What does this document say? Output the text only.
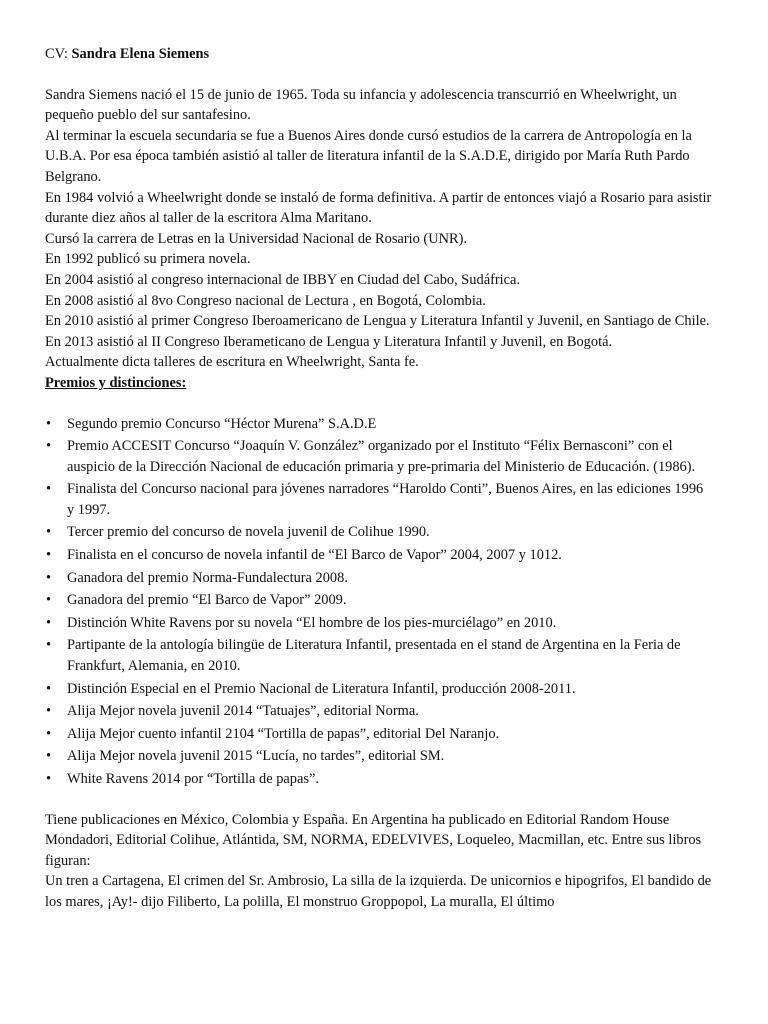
CV: Sandra Elena Siemens

Sandra Siemens nació el 15 de junio de 1965. Toda su infancia y adolescencia transcurrió en Wheelwright, un pequeño pueblo del sur santafesino.

Al terminar la escuela secundaria se fue a Buenos Aires donde cursó estudios de la carrera de Antropología en la U.B.A. Por esa época también asistió al taller de literatura infantil de la S.A.D.E, dirigido por María Ruth Pardo Belgrano.

En 1984 volvió a Wheelwright donde se instaló de forma definitiva. A partir de entonces viajó a Rosario para asistir durante diez años al taller de la escritora Alma Maritano.

Cursó la carrera de Letras en la Universidad Nacional de Rosario (UNR).

En 1992 publicó su primera novela.

En 2004 asistió al congreso internacional de IBBY en Ciudad del Cabo, Sudáfrica.

En 2008 asistió al 8vo Congreso nacional de Lectura , en Bogotá, Colombia.

En 2010 asistió al primer Congreso Iberoamericano de Lengua y Literatura Infantil y Juvenil, en Santiago de Chile.

En 2013 asistió al II Congreso Iberameticano de Lengua y Literatura Infantil y Juvenil, en Bogotá.

Actualmente dicta talleres de escritura en Wheelwright, Santa fe.

Premios y distinciones:

• Segundo premio Concurso “Héctor Murena” S.A.D.E
• Premio ACCESIT Concurso “Joaquín V. González” organizado por el Instituto “Félix Bernasconi” con el auspicio de la Dirección Nacional de educación primaria y pre-primaria del Ministerio de Educación. (1986).
• Finalista del Concurso nacional para jóvenes narradores “Haroldo Conti”, Buenos Aires, en las ediciones 1996 y 1997.
• Tercer premio del concurso de novela juvenil de Colihue 1990.
• Finalista en el concurso de novela infantil de “El Barco de Vapor” 2004, 2007 y 1012.
• Ganadora del premio Norma-Fundalectura 2008.
• Ganadora del premio “El Barco de Vapor” 2009.
• Distinción White Ravens por su novela “El hombre de los pies-murciélago” en 2010.
• Partipante de la antología bilingüe de Literatura Infantil, presentada en el stand de Argentina en la Feria de Frankfurt, Alemania, en 2010.
• Distinción Especial en el Premio Nacional de Literatura Infantil, producción 2008-2011.
• Alija Mejor novela juvenil 2014 “Tatuajes”, editorial Norma.
• Alija Mejor cuento infantil 2104 “Tortilla de papas”, editorial Del Naranjo.
• Alija Mejor novela juvenil 2015 “Lucía, no tardes”, editorial SM.
• White Ravens 2014 por “Tortilla de papas”.

Tiene publicaciones en México, Colombia y España. En Argentina ha publicado en Editorial Random House Mondadori, Editorial Colihue, Atlántida, SM, NORMA, EDELVIVES, Loqueleo, Macmillan, etc. Entre sus libros figuran:

Un tren a Cartagena, El crimen del Sr. Ambrosio, La silla de la izquierda. De unicornios e hipogrifos, El bandido de los mares, ¡Ay!- dijo Filiberto, La polilla, El monstruo Groppopol, La muralla, El último
